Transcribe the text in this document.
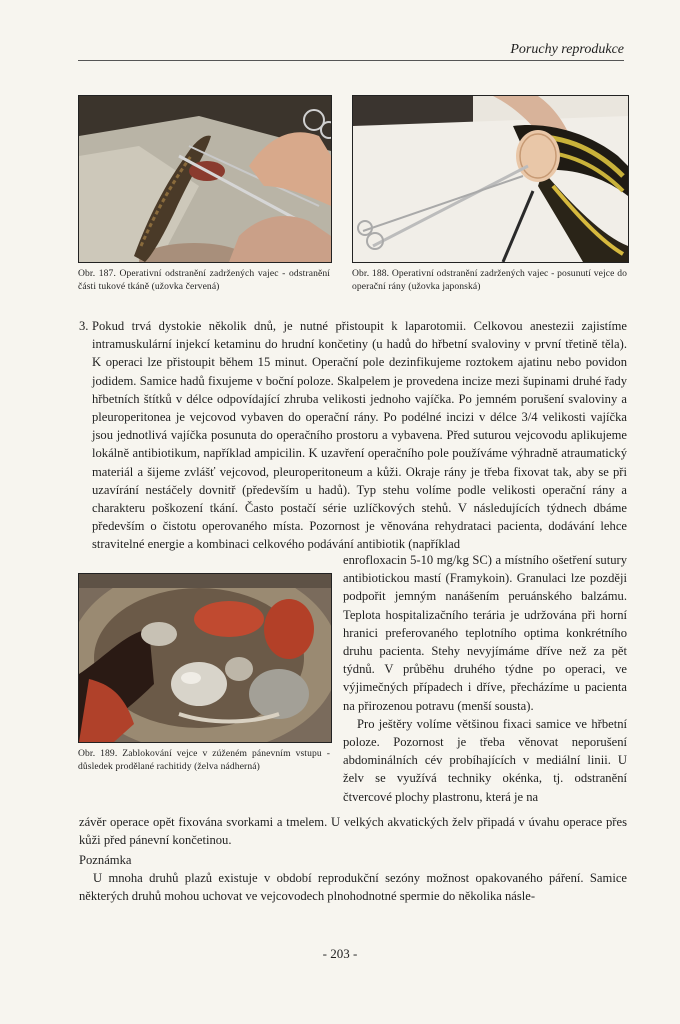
Poruchy reprodukce
Obr. 187. Operativní odstranění zadržených vajec - odstranění části tukové tkáně (užovka červená)
Obr. 188. Operativní odstranění zadržených vajec - posunutí vejce do operační rány (užovka japonská)
3. Pokud trvá dystokie několik dnů, je nutné přistoupit k laparotomii. Celkovou anestezii zajistíme intramuskulární injekcí ketaminu do hrudní končetiny (u hadů do hřbetní svaloviny v první třetině těla). K operaci lze přistoupit během 15 minut. Operační pole dezinfikujeme roztokem ajatinu nebo povidon jodidem. Samice hadů fixujeme v boční poloze. Skalpelem je provedena incize mezi šupinami druhé řady hřbetních štítků v délce odpovídající zhruba velikosti jednoho vajíčka. Po jemném porušení svaloviny a pleuroperitonea je vejcovod vybaven do operační rány. Po podélné incizi v délce 3/4 velikosti vajíčka jsou jednotlivá vajíčka posunuta do operačního prostoru a vybavena. Před suturou vejcovodu aplikujeme lokálně antibiotikum, například ampicilin. K uzavření operačního pole používáme výhradně atraumatický materiál a šijeme zvlášť vejcovod, pleuroperitoneum a kůži. Okraje rány je třeba fixovat tak, aby se při uzavírání nestáčely dovnitř (především u hadů). Typ stehu volíme podle velikosti operační rány a charakteru poškození tkání. Často postačí série uzlíčkových stehů. V následujících týdnech dbáme především o čistotu operovaného místa. Pozornost je věnována rehydrataci pacienta, dodávání lehce stravitelné energie a kombinaci celkového podávání antibiotik (například

Obr. 189. Zablokování vejce v zúženém pánevním vstupu - důsledek prodělané rachitidy (želva nádherná)

enrofloxacin 5-10 mg/kg SC) a místního ošetření sutury antibiotickou mastí (Framykoin). Granulaci lze později podpořit jemným nanášením peruánského balzámu. Teplota hospitalizačního terária je udržována při horní hranici preferovaného teplotního optima konkrétního druhu pacienta. Stehy nevyjímáme dříve než za pět týdnů. V průběhu druhého týdne po operaci, ve výjimečných případech i dříve, přecházíme u pacienta na přirozenou potravu (menší sousta).

Pro ještěry volíme většinou fixaci samice ve hřbetní poloze. Pozornost je třeba věnovat neporušení abdominálních cév probíhajících v mediální linii. U želv se využívá techniky okénka, tj. odstranění čtvercové plochy plastronu, která je na

závěr operace opět fixována svorkami a tmelem. U velkých akvatických želv připadá v úvahu operace přes kůži před pánevní končetinou.
Poznámka
U mnoha druhů plazů existuje v období reprodukční sezóny možnost opakovaného páření. Samice některých druhů mohou uchovat ve vejcovodech plnohodnotné spermie do několika násle-
- 203 -
